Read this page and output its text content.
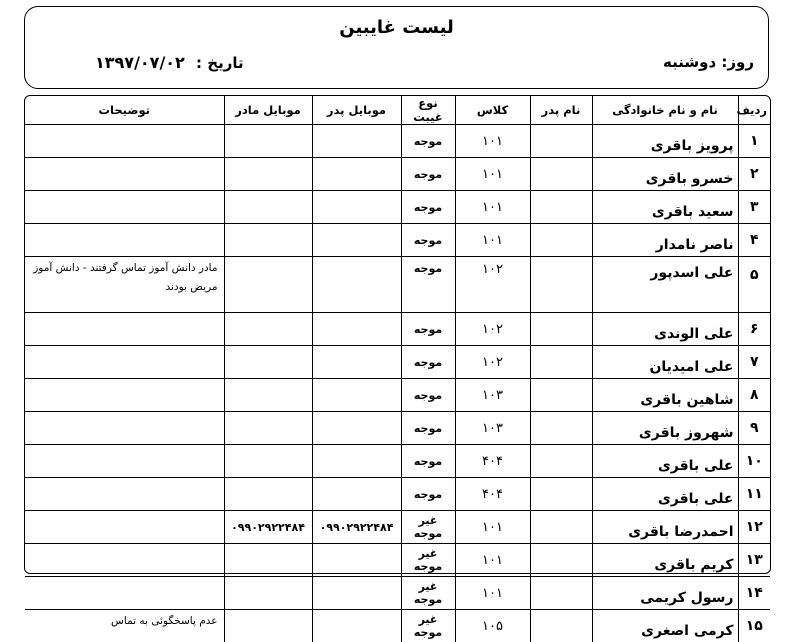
لیست غایبین
روز: دوشنبه
تاریخ : ۱۳۹۷/۰۷/۰۲
ردیف	نام و نام خانوادگی	نام پدر	کلاس	نوع غیبت	موبایل پدر	موبایل مادر	توضیحات
۱	پرویز باقری		۱۰۱	موجه			
۲	خسرو باقری		۱۰۱	موجه			
۳	سعید باقری		۱۰۱	موجه			
۴	ناصر نامدار		۱۰۱	موجه			
۵	علی اسدپور		۱۰۲	موجه			مادر دانش آموز تماس گرفتند - دانش آموز مریض بودند
۶	علی الوندی		۱۰۲	موجه			
۷	علی امیدیان		۱۰۲	موجه			
۸	شاهین باقری		۱۰۳	موجه			
۹	شهروز باقری		۱۰۳	موجه			
۱۰	علی باقری		۴۰۴	موجه			
۱۱	علی باقری		۴۰۴	موجه			
۱۲	احمدرضا باقری		۱۰۱	غیر موجه	۰۹۹۰۲۹۲۲۴۸۴	۰۹۹۰۲۹۲۲۴۸۴	
۱۳	کریم باقری		۱۰۱	غیر موجه			
۱۴	رسول کریمی		۱۰۱	غیر موجه			
۱۵	کرمی اصغری		۱۰۵	غیر موجه			عدم پاسخگوئی به تماس
